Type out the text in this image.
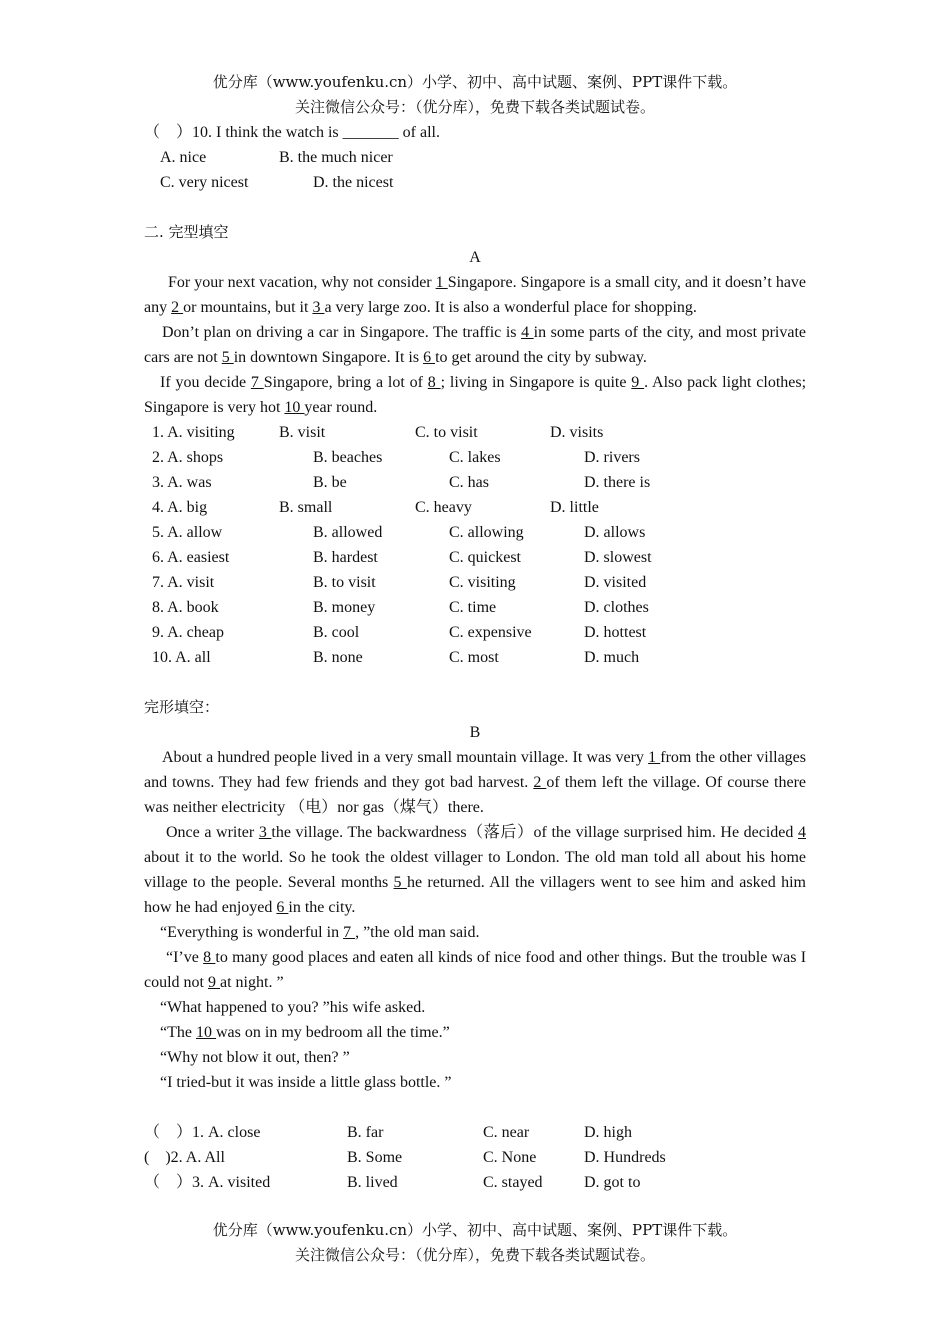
优分库（www.youfenku.cn）小学、初中、高中试题、案例、PPT课件下载。
关注微信公众号：（优分库），免费下载各类试题试卷。
（　）10. I think the watch is _______ of all.
A. nice	B. the much nicer
C. very nicest	D. the nicest
二. 完型填空
A
For your next vacation, why not consider 1 Singapore. Singapore is a small city, and it doesn’t have any 2 or mountains, but it 3 a very large zoo. It is also a wonderful place for shopping.
Don’t plan on driving a car in Singapore. The traffic is 4 in some parts of the city, and most private cars are not 5 in downtown Singapore. It is 6 to get around the city by subway.
If you decide 7 Singapore, bring a lot of 8 ; living in Singapore is quite 9 . Also pack light clothes; Singapore is very hot 10 year round.
1. A. visiting	B. visit	C. to visit	D. visits
2. A. shops	B. beaches	C. lakes	D. rivers
3. A. was	B. be	C. has	D. there is
4. A. big	B. small	C. heavy	D. little
5. A. allow	B. allowed	C. allowing	D. allows
6. A. easiest	B. hardest	C. quickest	D. slowest
7. A. visit	B. to visit	C. visiting	D. visited
8. A. book	B. money	C. time	D. clothes
9. A. cheap	B. cool	C. expensive	D. hottest
10. A. all	B. none	C. most	D. much
完形填空：
B
About a hundred people lived in a very small mountain village. It was very 1 from the other villages and towns. They had few friends and they got bad harvest. 2 of them left the village. Of course there was neither electricity （电）nor gas（煤气）there.
Once a writer 3 the village. The backwardness（落后）of the village surprised him. He decided 4 about it to the world. So he took the oldest villager to London. The old man told all about his home village to the people. Several months 5 he returned. All the villagers went to see him and asked him how he had enjoyed 6 in the city.
“Everything is wonderful in 7 , ”the old man said.
“I’ve 8 to many good places and eaten all kinds of nice food and other things. But the trouble was I could not 9 at night. ”
“What happened to you? ”his wife asked.
“The 10 was on in my bedroom all the time.”
“Why not blow it out, then? ”
“I tried-but it was inside a little glass bottle. ”
（　）1. A. close	B. far	C. near	D. high
(　)2. A. All	B. Some	C. None	D. Hundreds
（　）3. A. visited	B. lived	C. stayed	D. got to
优分库（www.youfenku.cn）小学、初中、高中试题、案例、PPT课件下载。
关注微信公众号：（优分库），免费下载各类试题试卷。
